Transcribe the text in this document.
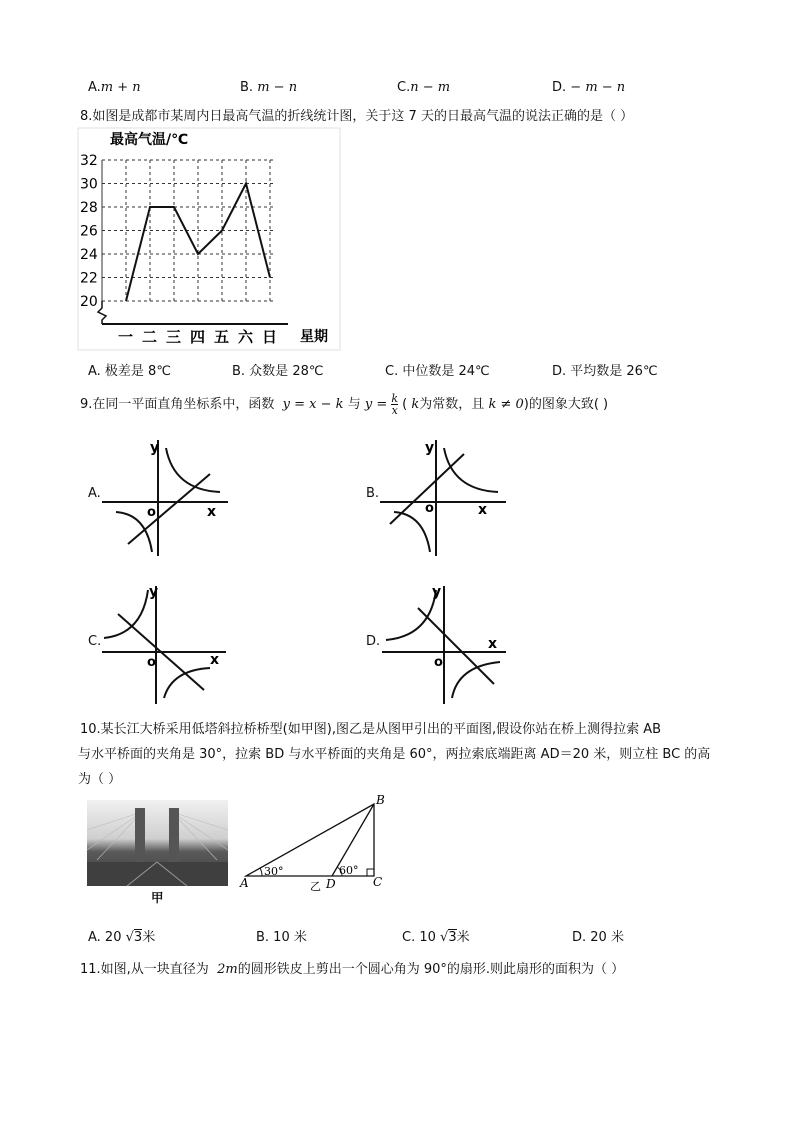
A.m + n	B. m − n	C.n − m	D. − m − n
8.如图是成都市某周内日最高气温的折线统计图，关于这 7 天的日最高气温的说法正确的是（ ）
最高气温/℃
星期
20
22
24
26
28
30
32
一 二 三 四 五 六 日
A. 极差是 8℃	B. 众数是 28℃	C. 中位数是 24℃	D. 平均数是 26℃
9.在同一平面直角坐标系中，函数 y = x − k 与 $y = \frac{k}{x}$ ( k为常数，且 k ≠ 0)的图象大致( )
A.
y
x
o
B.
y
x
o
C.
y
x
o
D.
y
x
o
10.某长江大桥采用低塔斜拉桥桥型(如甲图),图乙是从图甲引出的平面图,假设你站在桥上测得拉索 AB
与水平桥面的夹角是 30°，拉索 BD 与水平桥面的夹角是 60°，两拉索底端距离 AD＝20 米，则立柱 BC 的高
为（ ）
甲
A
B
C
D
30°	60°
乙
A. 20 √3米	B. 10 米	C. 10 √3米	D. 20 米
11.如图,从一块直径为 2m的圆形铁皮上剪出一个圆心角为 90°的扇形.则此扇形的面积为（ ）
